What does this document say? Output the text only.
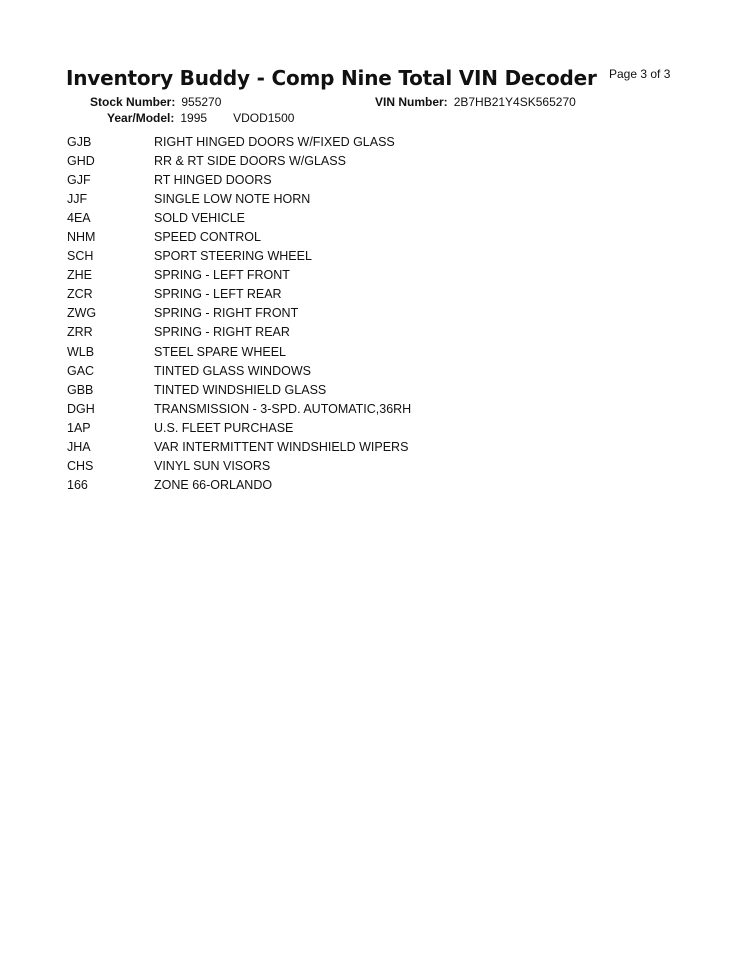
Inventory Buddy - Comp Nine Total VIN Decoder Page 3 of 3
Stock Number: 955270	VIN Number: 2B7HB21Y4SK565270
Year/Model: 1995 VDOD1500
GJB	RIGHT HINGED DOORS W/FIXED GLASS
GHD	RR & RT SIDE DOORS W/GLASS
GJF	RT HINGED DOORS
JJF	SINGLE LOW NOTE HORN
4EA	SOLD VEHICLE
NHM	SPEED CONTROL
SCH	SPORT STEERING WHEEL
ZHE	SPRING - LEFT FRONT
ZCR	SPRING - LEFT REAR
ZWG	SPRING - RIGHT FRONT
ZRR	SPRING - RIGHT REAR
WLB	STEEL SPARE WHEEL
GAC	TINTED GLASS WINDOWS
GBB	TINTED WINDSHIELD GLASS
DGH	TRANSMISSION - 3-SPD. AUTOMATIC,36RH
1AP	U.S. FLEET PURCHASE
JHA	VAR INTERMITTENT WINDSHIELD WIPERS
CHS	VINYL SUN VISORS
166	ZONE 66-ORLANDO
